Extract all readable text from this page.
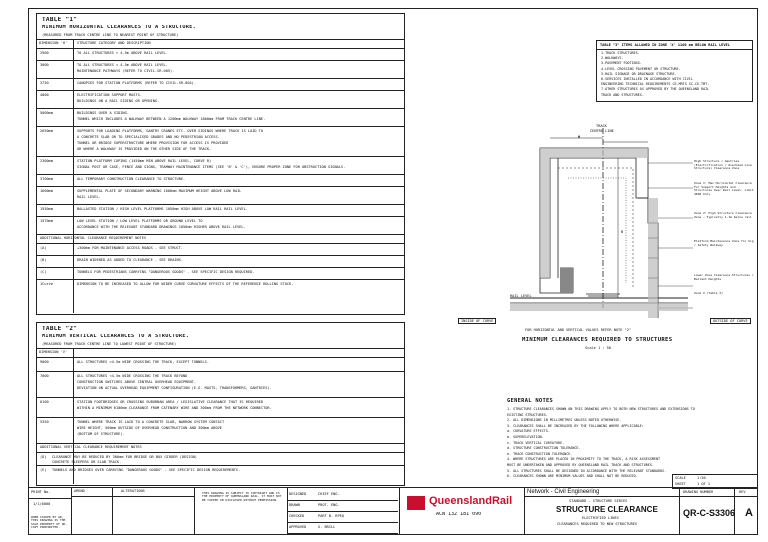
TABLE "1"
MINIMUM HORIZONTAL CLEARANCES TO A STRUCTURE.
(MEASURED FROM TRACK CENTRE LINE TO NEAREST POINT OF STRUCTURE)
DIMENSION 'H'	STRUCTURE CATEGORY AND DESCRIPTION
2900	TO ALL STRUCTURES > 4.5m ABOVE RAIL LEVEL.
3000	TO ALL STRUCTURES < 4.5m ABOVE RAIL LEVEL.
MAINTENANCE PATHWAYS (REFER TO CIVIL-SR-005).
3750	CANOPIES FOR STATION PLATFORMS (REFER TO CIVIL-SR-004).
4000	ELECTRIFICATION SUPPORT MASTS.
BUILDINGS ON A RAIL SIDING OR OPENING.
5000mm	BUILDINGS OVER A SIDING.
TUNNEL WHICH INCLUDES A WALKWAY BETWEEN A 1200mm WALKWAY 1800mm FROM TRACK CENTRE LINE.
2650mm	SUPPORTS FOR LOADING PLATFORMS, GANTRY CRANES ETC. OVER SIDINGS WHERE TRACK IS LAID TO
A CONCRETE SLAB OR TO SPECIALISED GRADES AND NO PEDESTRIAN ACCESS.
TUNNEL OR BRIDGE SUPERSTRUCTURE WHERE PROVISION FOR ACCESS IS PROVIDED
OR WHERE A WALKWAY IS PROVIDED ON THE OTHER SIDE OF THE TRACK.
2300mm	STATION PLATFORM COPING (1450mm MIN ABOVE RAIL LEVEL, CURVE R)
SIGNAL POST OR CASE, FENCE AND SIGNS, TRAMWAY MAINTENANCE ITEMS (SEE 'B' & 'C'), ENSURE PROPER ZONE FOR OBSTRUCTION SIGNALS.
3700mm	ALL TEMPORARY CONSTRUCTION CLEARANCE TO STRUCTURE.
1600mm	SUPPLEMENTAL PLATE OF SECONDARY WARNING 1600mm MAXIMUM HEIGHT ABOVE LOW RAIL
RAIL LEVEL.
1550mm	BALLASTED STATION / HIGH LEVEL PLATFORMS 1050mm HIGH ABOVE LOW RAIL RAIL LEVEL.
1570mm	LOW LEVEL STATION / LOW LEVEL PLATFORMS OR GROUND LEVEL TO
ACCORDANCE WITH THE RELEVANT STANDARD DRAWINGS 1050mm HIGHER ABOVE RAIL LEVEL.
ADDITIONAL HORIZONTAL CLEARANCE REQUIREMENT NOTES
(A)	+300mm FOR MAINTENANCE ACCESS ROADS - SEE STRUCT.
(B)	DRAIN WIDENED AS ADDED TO CLEARANCE - SEE DRAINS.
(C)	TUNNELS FOR PEDESTRIANS CARRYING "DANGEROUS GOODS" - SEE SPECIFIC DESIGN REQUIRED.
1Curve	DIMENSION TO BE INCREASED TO ALLOW FOR WIDER CURVE CURVATURE EFFECTS OF THE REFERENCE ROLLING STOCK.
TABLE "3" ITEMS ALLOWED IN ZONE 'X' 1100 mm BELOW RAIL LEVEL
1.TRACK STRUCTURES.
2.WALKWAYS.
3.PAVEMENT FOOTINGS.
4.LEVEL CROSSING PAVEMENT OR STRUCTURE.
5.RAIL SIGNAGE OR DRAINAGE STRUCTURE.
6.SERVICES INSTALLED IN ACCORDANCE WITH CIVIL
ENGINEERING TECHNICAL REQUIREMENTS CE-MRTS SC-CE-TMT.
7.OTHER STRUCTURES AS APPROVED BY THE QUEENSLAND RAIL
TRACK AND STRUCTURES.
TRACK
CENTRE LINE
H
V
RAIL LEVEL
INSIDE OF CURVE	OUTSIDE OF CURVE
FOR HORIZONTAL AND VERTICAL VALUES REFER NOTE "2"
MINIMUM CLEARANCES REQUIRED TO STRUCTURES
Scale 1 : 50
High Structure / Gantries (Electrification / Overhead Line Structure) Clearance Zone
Zone 1: Max Horizontal Clearance For Support Heights and Structures Over Rail Level. Limit 4600 Only
Zone 2: High Structure Clearance Zone — Typically 1.1m below rail
Platform Maintenance Zone for Sig / Safety Walkway
Lower Zone Clearance Structures / Ballast Heights
Zone X (Table 3)
TABLE "2"
MINIMUM VERTICAL CLEARANCES TO A STRUCTURE.
(MEASURED FROM TRACK CENTRE LINE TO LOWEST POINT OF STRUCTURE)
DIMENSION 'V'
9000	ALL STRUCTURES >4.5m WIDE CROSSING THE TRACK, EXCEPT TUNNELS.
7000	ALL STRUCTURES <4.5m WIDE CROSSING THE TRACK BEYOND
CONSTRUCTION SWITCHES ABOVE CENTRAL OVERHEAD EQUIPMENT.
DEVIATION ON ACTUAL OVERHEAD EQUIPMENT CONFIGURATION (E.G. MASTS, TRANSFORMERS, GANTRIES).
6100	STATION FOOTBRIDGES OR CROSSING SUBURBAN AREA / LEGISLATIVE CLEARANCE THAT IS REQUIRED
WITHIN A MINIMUM 6100mm CLEARANCE FROM CATENARY WIRE AND 300mm FROM THE NETWORK CONNECTOR.
5350	TUNNEL WHERE TRACK IS LAID TO A CONCRETE SLAB, NARROW SYSTEM CONTACT
WIRE HEIGHT, 500mm OUTSIDE OF OVERHEAD CONSTRUCTION AND 300mm ABOVE
(BOTTOM OF STRUCTURE).
ADDITIONAL VERTICAL CLEARANCE REQUIREMENT NOTES
(D) CLEARANCE MAY BE REDUCED BY 300mm FOR BRIDGE OR BOX GIRDER (DESIGN)
CONCRETE SLEEPERS OR SLAB TRACK.
(E) TUNNELS AND BRIDGES OVER CARRYING "DANGEROUS GOODS" - SEE SPECIFIC DESIGN REQUIREMENTS.
GENERAL NOTES
1. STRUCTURE CLEARANCES SHOWN ON THIS DRAWING APPLY TO BOTH NEW STRUCTURES AND EXTENSIONS TO EXISTING STRUCTURES.
2. ALL DIMENSIONS IN MILLIMETRES UNLESS NOTED OTHERWISE.
3. CLEARANCES SHALL BE INCREASED BY THE FOLLOWING WHERE APPLICABLE:
a. CURVATURE EFFECTS.
b. SUPERELEVATION.
c. TRACK VERTICAL CURVATURE.
d. STRUCTURE CONSTRUCTION TOLERANCE.
e. TRACK CONSTRUCTION TOLERANCE.
4. WHERE STRUCTURES ARE PLACED IN PROXIMITY TO THE TRACK, A RISK ASSESSMENT
MUST BE UNDERTAKEN AND APPROVED BY QUEENSLAND RAIL TRACK AND STRUCTURES.
5. ALL STRUCTURES SHALL BE DESIGNED IN ACCORDANCE WITH THE RELEVANT STANDARDS.
6. CLEARANCES SHOWN ARE MINIMUM VALUES AND SHALL NOT BE REDUCED.
PRINT No.
1/1/0000
WHEN ISSUED BY QR, THIS DRAWING IS THE SOLE PROPERTY OF QR. COPY PROHIBITED.
ALTERATIONS
AMEND	THIS DRAWING IS SUBJECT TO COPYRIGHT AND IS THE PROPERTY OF QUEENSLAND RAIL. IT MUST NOT BE COPIED OR DISCLOSED WITHOUT PERMISSION.
DESIGNED	CHIEF ENG.
DRAWN	PROT. ENG.
CHECKED	PART B. RPEQ
APPROVED	G. BRILL
QueenslandRail
ACN 132 181 090
Network - Civil Engineering
STANDARD - STRUCTURE SERIES
STRUCTURE CLEARANCE
ELECTRIFIED LINES
CLEARANCES REQUIRED TO NEW STRUCTURES
DRAWING NUMBER	REV
QR-C-S3306 A
SCALE	1:50
SHEET	1 OF 1
